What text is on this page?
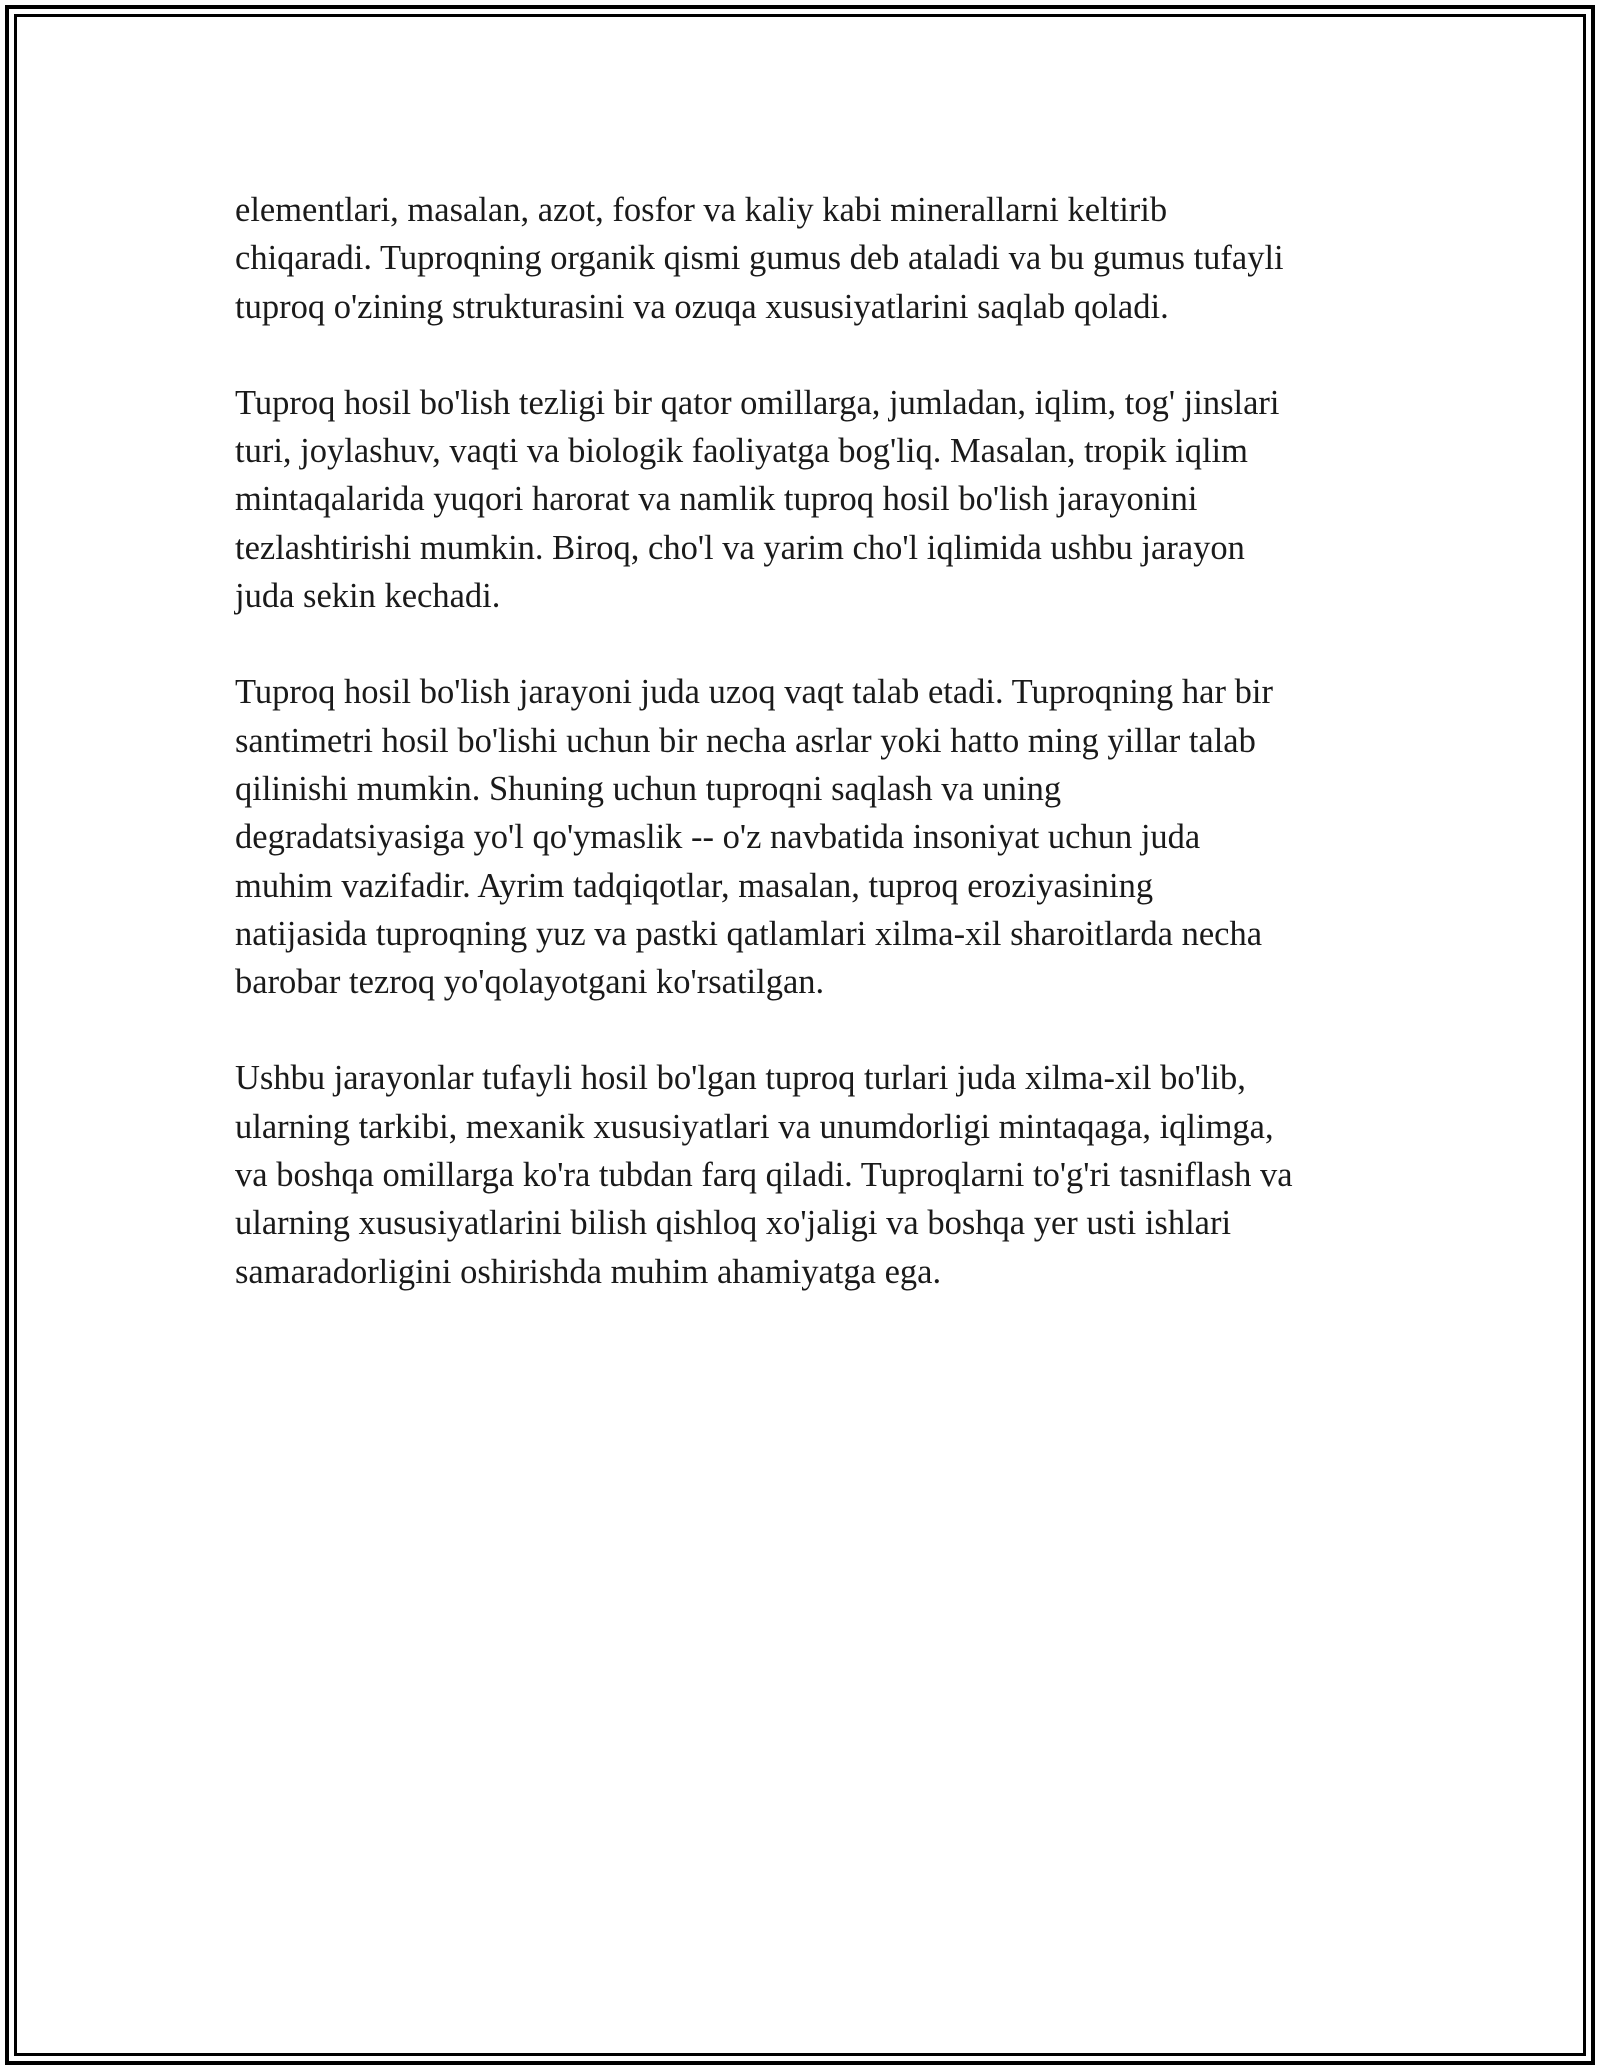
elementlari, masalan, azot, fosfor va kaliy kabi minerallarni keltirib
chiqaradi. Tuproqning organik qismi gumus deb ataladi va bu gumus tufayli
tuproq o'zining strukturasini va ozuqa xususiyatlarini saqlab qoladi.

Tuproq hosil bo'lish tezligi bir qator omillarga, jumladan, iqlim, tog' jinslari
turi, joylashuv, vaqti va biologik faoliyatga bog'liq. Masalan, tropik iqlim
mintaqalarida yuqori harorat va namlik tuproq hosil bo'lish jarayonini
tezlashtirishi mumkin. Biroq, cho'l va yarim cho'l iqlimida ushbu jarayon
juda sekin kechadi.

Tuproq hosil bo'lish jarayoni juda uzoq vaqt talab etadi. Tuproqning har bir
santimetri hosil bo'lishi uchun bir necha asrlar yoki hatto ming yillar talab
qilinishi mumkin. Shuning uchun tuproqni saqlash va uning
degradatsiyasiga yo'l qo'ymaslik -- o'z navbatida insoniyat uchun juda
muhim vazifadir. Ayrim tadqiqotlar, masalan, tuproq eroziyasining
natijasida tuproqning yuz va pastki qatlamlari xilma-xil sharoitlarda necha
barobar tezroq yo'qolayotgani ko'rsatilgan.

Ushbu jarayonlar tufayli hosil bo'lgan tuproq turlari juda xilma-xil bo'lib,
ularning tarkibi, mexanik xususiyatlari va unumdorligi mintaqaga, iqlimga,
va boshqa omillarga ko'ra tubdan farq qiladi. Tuproqlarni to'g'ri tasniflash va
ularning xususiyatlarini bilish qishloq xo'jaligi va boshqa yer usti ishlari
samaradorligini oshirishda muhim ahamiyatga ega.
